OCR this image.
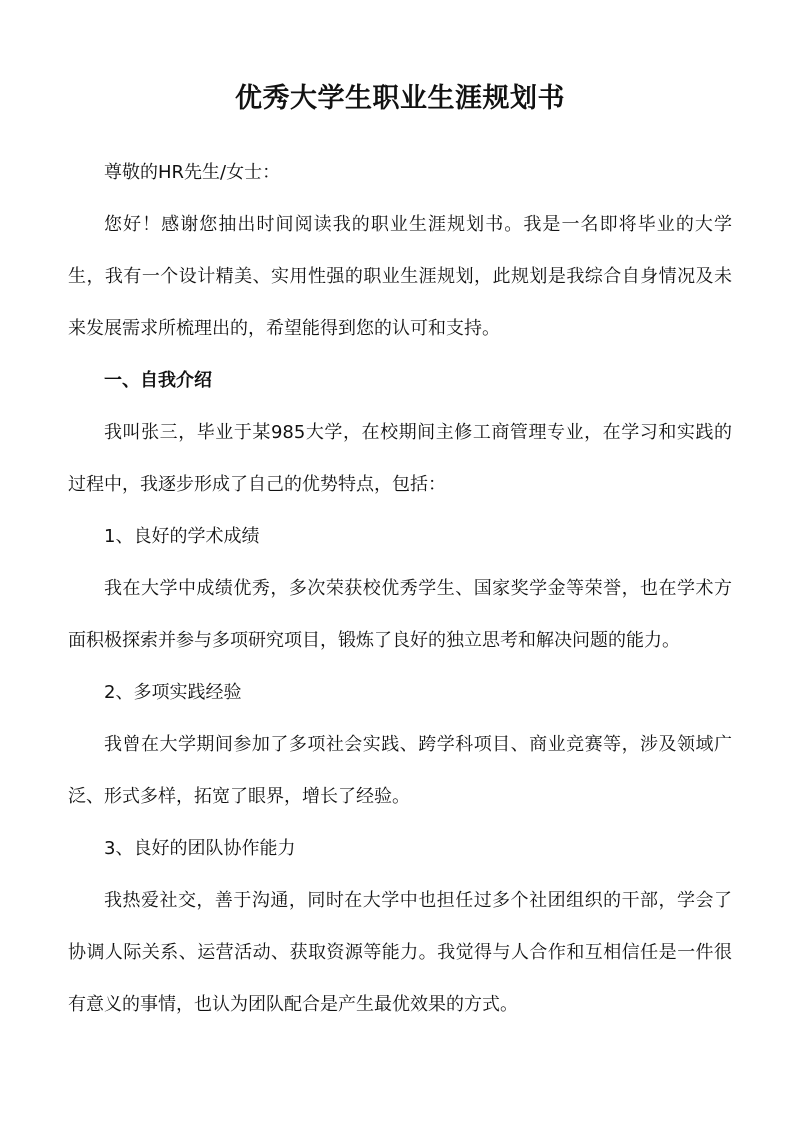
优秀大学生职业生涯规划书

尊敬的HR先生/女士：

您好！感谢您抽出时间阅读我的职业生涯规划书。我是一名即将毕业的大学生，我有一个设计精美、实用性强的职业生涯规划，此规划是我综合自身情况及未来发展需求所梳理出的，希望能得到您的认可和支持。

一、自我介绍

我叫张三，毕业于某985大学，在校期间主修工商管理专业，在学习和实践的过程中，我逐步形成了自己的优势特点，包括：

1、良好的学术成绩

我在大学中成绩优秀，多次荣获校优秀学生、国家奖学金等荣誉，也在学术方面积极探索并参与多项研究项目，锻炼了良好的独立思考和解决问题的能力。

2、多项实践经验

我曾在大学期间参加了多项社会实践、跨学科项目、商业竞赛等，涉及领域广泛、形式多样，拓宽了眼界，增长了经验。

3、良好的团队协作能力

我热爱社交，善于沟通，同时在大学中也担任过多个社团组织的干部，学会了协调人际关系、运营活动、获取资源等能力。我觉得与人合作和互相信任是一件很有意义的事情，也认为团队配合是产生最优效果的方式。
